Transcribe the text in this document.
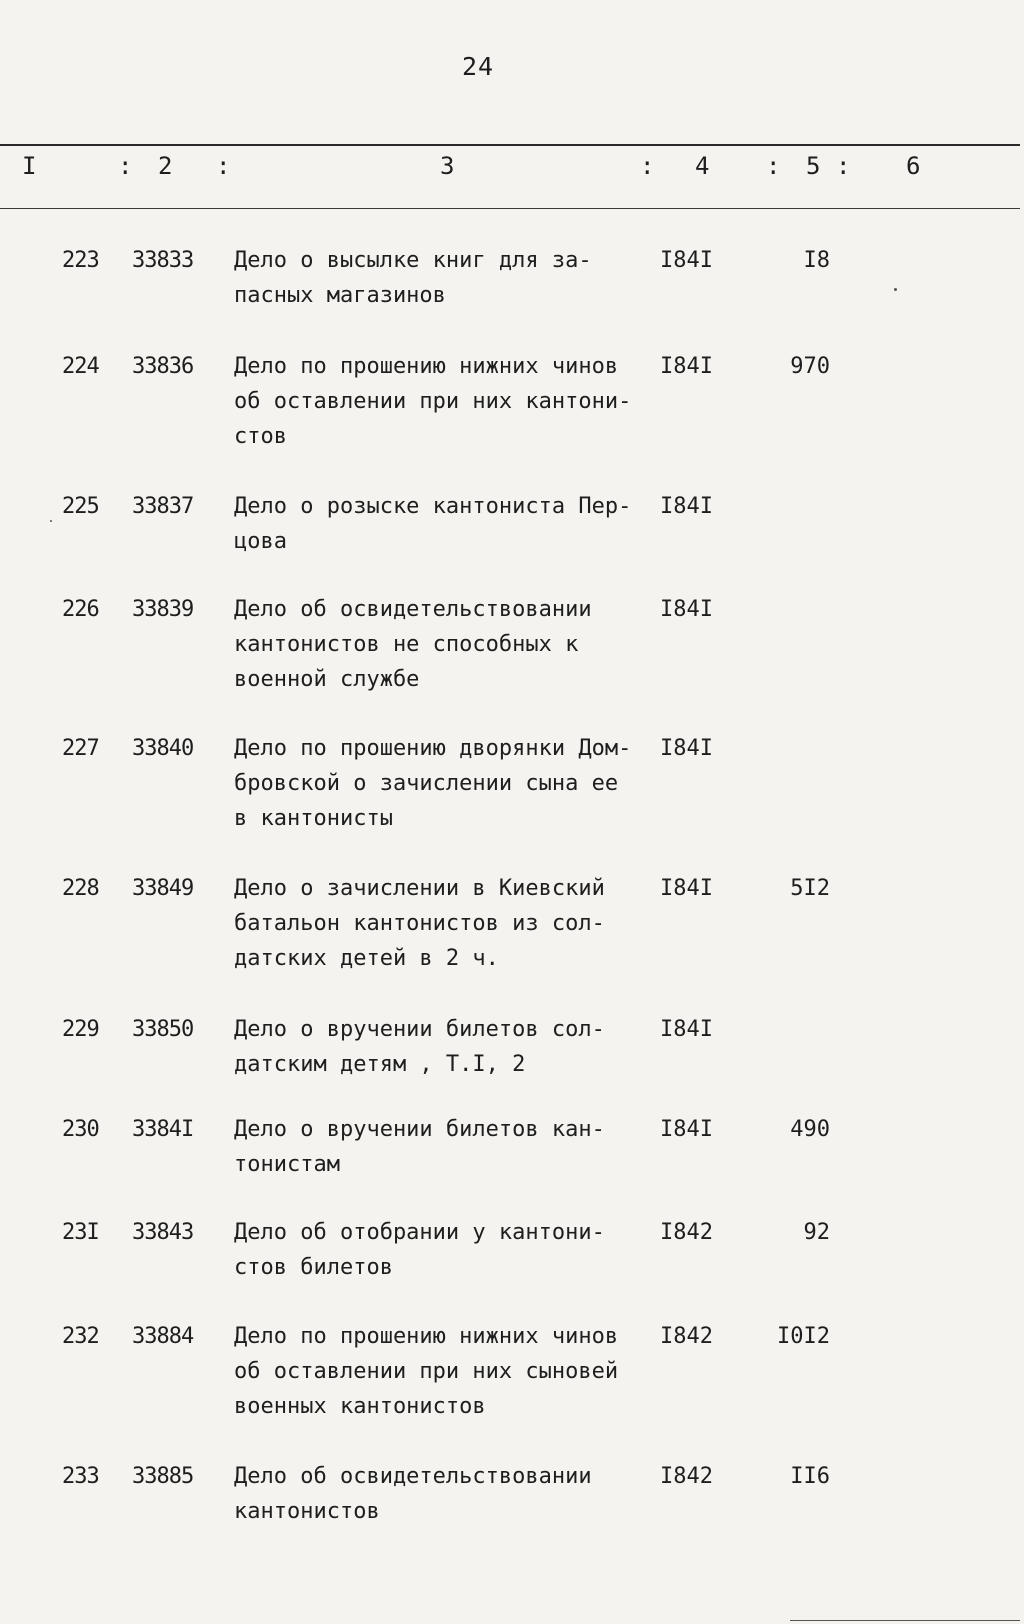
24
I	: 2 :	3	: 4 : 5 : 6
223 33833 Дело о высылке книг для за-
пасных магазинов
I84I	I8
224 33836 Дело по прошению нижних чинов
об оставлении при них кантони-
стов
I84I	970
225 33837 Дело о розыске кантониста Пер-
цова
I84I
226 33839 Дело об освидетельствовании
кантонистов не способных к
военной службе
I84I
227 33840 Дело по прошению дворянки Дом-
бровской о зачислении сына ее
в кантонисты
I84I
228 33849 Дело о зачислении в Киевский
батальон кантонистов из сол-
датских детей в 2 ч.
I84I	5I2
229 33850 Дело о вручении билетов сол-
датским детям , Т.I, 2
I84I
230 3384I Дело о вручении билетов кан-
тонистам
I84I	490
23I 33843 Дело об отобрании у кантони-
стов билетов
I842	92
232 33884 Дело по прошению нижних чинов
об оставлении при них сыновей
военных кантонистов
I842	I0I2
233 33885 Дело об освидетельствовании
кантонистов
I842	II6
